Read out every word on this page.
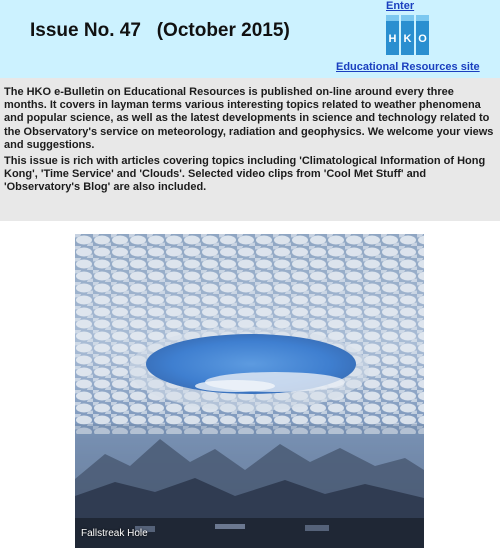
Issue No. 47   (October 2015)
Enter
H K O
Educational Resources site

The HKO e-Bulletin on Educational Resources is published on-line around every three months. It covers in layman terms various interesting topics related to weather phenomena and popular science, as well as the latest developments in science and technology related to the Observatory's service on meteorology, radiation and geophysics. We welcome your views and suggestions.

This issue is rich with articles covering topics including 'Climatological Information of Hong Kong', 'Time Service' and 'Clouds'. Selected video clips from 'Cool Met Stuff' and 'Observatory's Blog' are also included.

Fallstreak Hole
